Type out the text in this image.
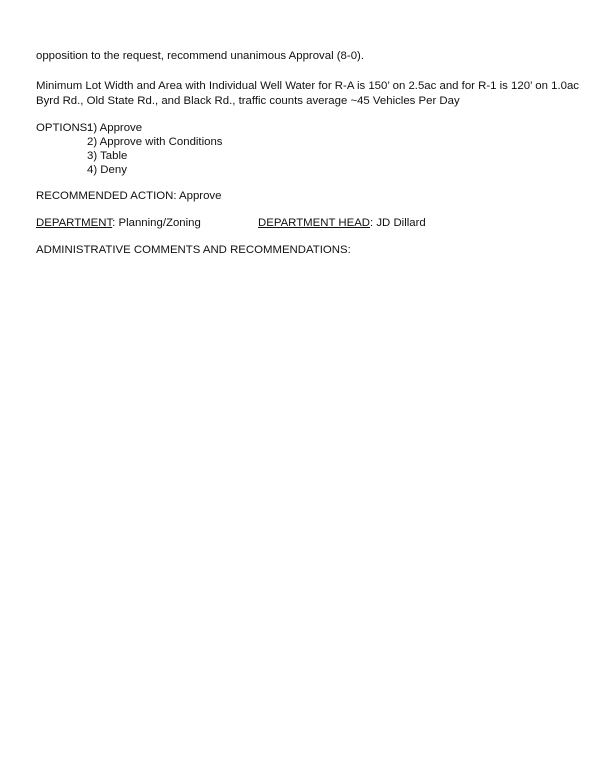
opposition to the request, recommend unanimous Approval (8-0).
Minimum Lot Width and Area with Individual Well Water for R-A is 150’ on 2.5ac and for R-1 is 120’ on 1.0ac
Byrd Rd., Old State Rd., and Black Rd., traffic counts average ~45 Vehicles Per Day
OPTIONS:
1) Approve
2) Approve with Conditions
3) Table
4) Deny
RECOMMENDED ACTION: Approve
DEPARTMENT: Planning/Zoning	DEPARTMENT HEAD: JD Dillard
ADMINISTRATIVE COMMENTS AND RECOMMENDATIONS:
